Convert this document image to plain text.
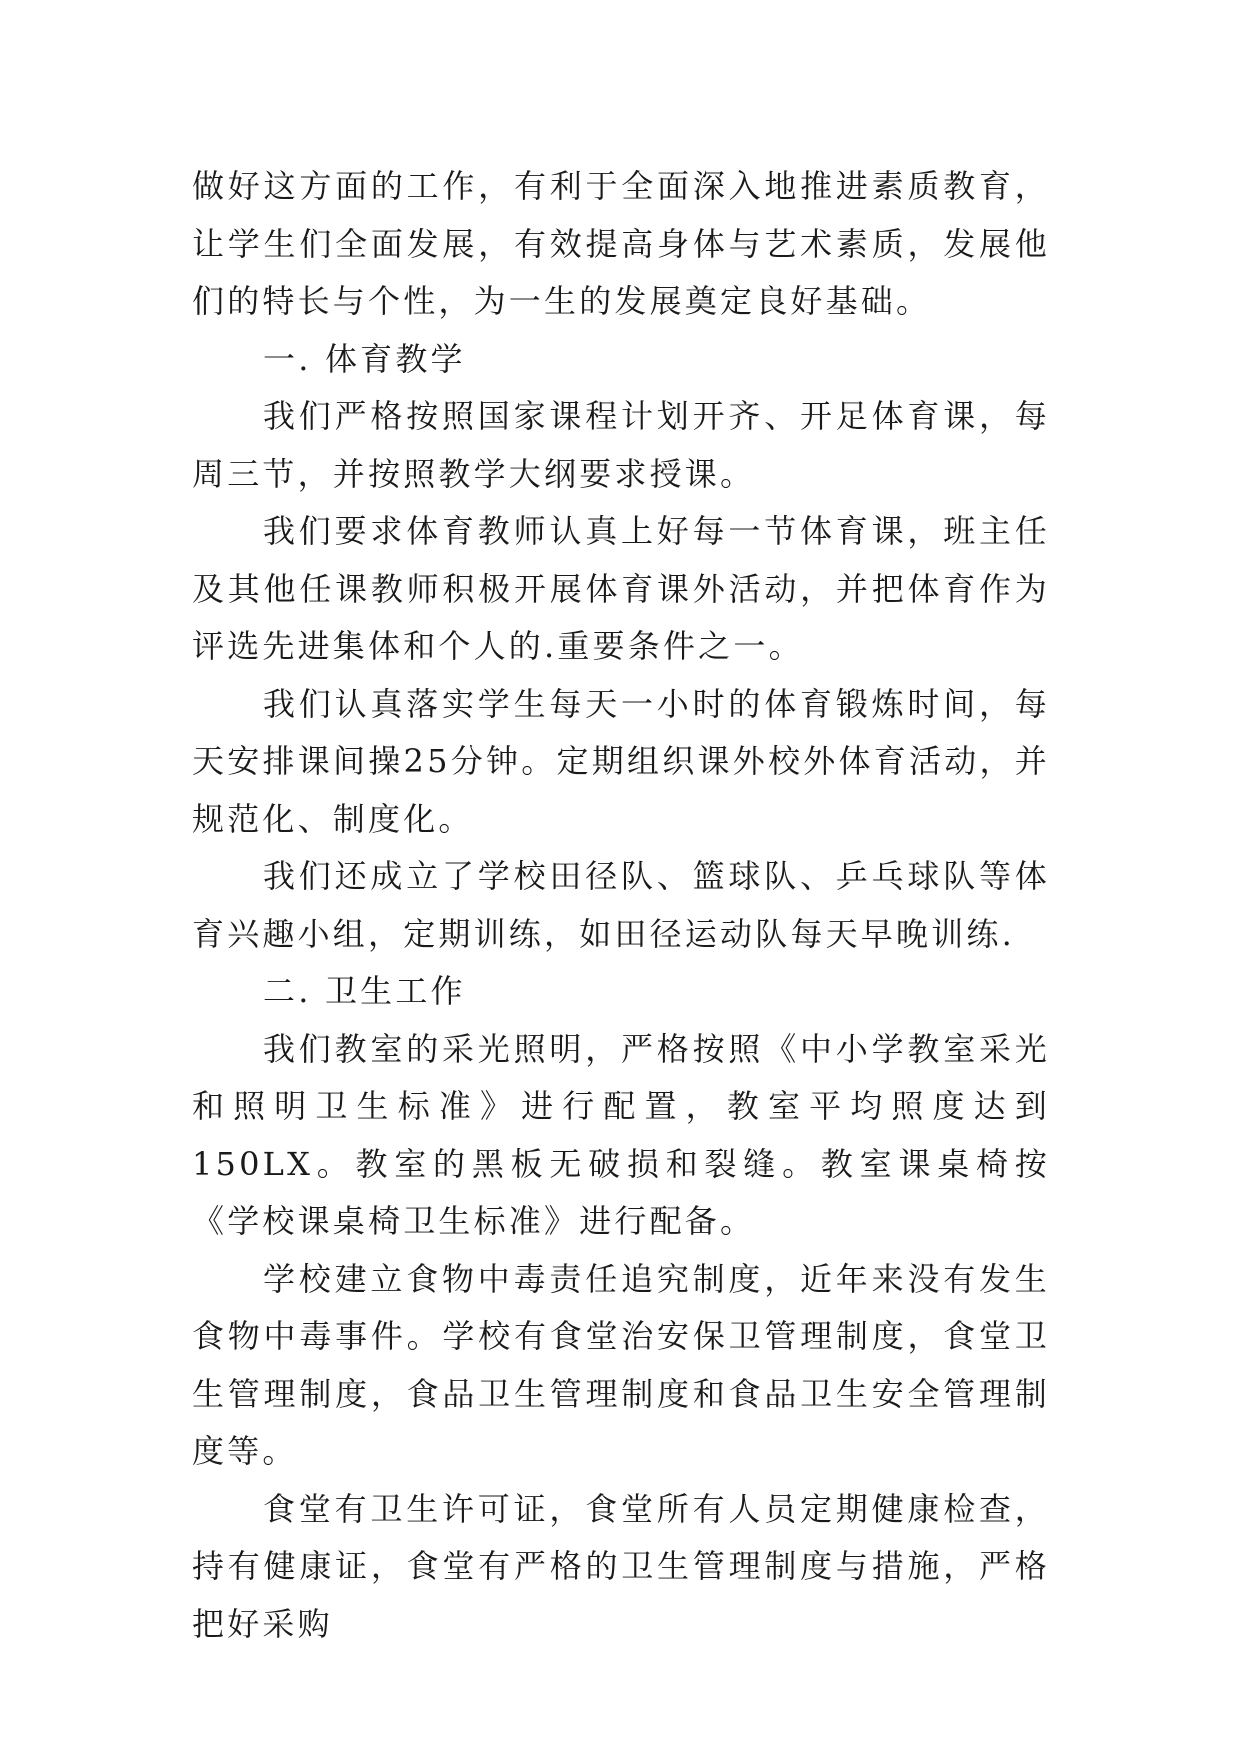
做好这方面的工作，有利于全面深入地推进素质教育，让学生们全面发展，有效提高身体与艺术素质，发展他们的特长与个性，为一生的发展奠定良好基础。

一. 体育教学

我们严格按照国家课程计划开齐、开足体育课，每周三节，并按照教学大纲要求授课。

我们要求体育教师认真上好每一节体育课，班主任及其他任课教师积极开展体育课外活动，并把体育作为评选先进集体和个人的.重要条件之一。

我们认真落实学生每天一小时的体育锻炼时间，每天安排课间操25分钟。定期组织课外校外体育活动，并规范化、制度化。

我们还成立了学校田径队、篮球队、乒乓球队等体育兴趣小组，定期训练，如田径运动队每天早晚训练.

二. 卫生工作

我们教室的采光照明，严格按照《中小学教室采光和照明卫生标准》进行配置，教室平均照度达到150LX。教室的黑板无破损和裂缝。教室课桌椅按《学校课桌椅卫生标准》进行配备。

学校建立食物中毒责任追究制度，近年来没有发生食物中毒事件。学校有食堂治安保卫管理制度，食堂卫生管理制度，食品卫生管理制度和食品卫生安全管理制度等。

食堂有卫生许可证，食堂所有人员定期健康检查，持有健康证，食堂有严格的卫生管理制度与措施，严格把好采购
